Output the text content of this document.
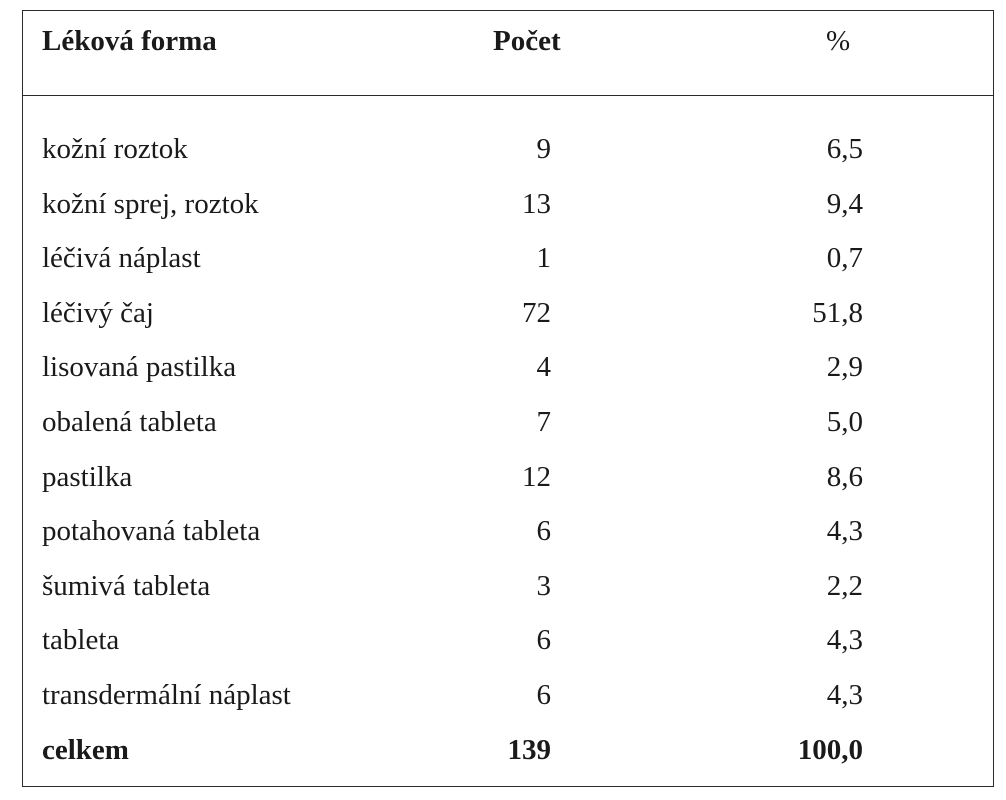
Léková forma	Počet	%
kožní roztok	9	6,5
kožní sprej, roztok	13	9,4
léčivá náplast	1	0,7
léčivý čaj	72	51,8
lisovaná pastilka	4	2,9
obalená tableta	7	5,0
pastilka	12	8,6
potahovaná tableta	6	4,3
šumivá tableta	3	2,2
tableta	6	4,3
transdermální náplast	6	4,3
celkem	139	100,0
